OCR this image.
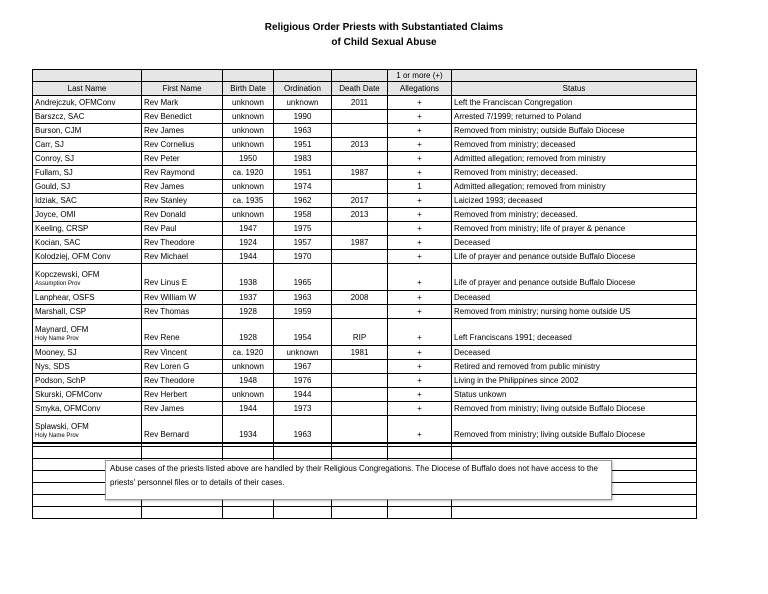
Religious Order Priests with Substantiated Claims
of Child Sexual Abuse
					1 or more (+)	
Last Name	First Name	Birth Date	Ordination	Death Date	Allegations	Status
Andrejczuk, OFMConv	Rev Mark	unknown	unknown	2011	+	Left the Franciscan Congregation
Barszcz, SAC	Rev Benedict	unknown	1990		+	Arrested 7/1999; returned to Poland
Burson, CJM	Rev James	unknown	1963		+	Removed from ministry; outside Buffalo Diocese
Carr, SJ	Rev Cornelius	unknown	1951	2013	+	Removed from ministry; deceased
Conroy, SJ	Rev Peter	1950	1983		+	Admitted allegation; removed from ministry
Fullam, SJ	Rev Raymond	ca. 1920	1951	1987	+	Removed from ministry; deceased.
Gould, SJ	Rev James	unknown	1974		1	Admitted allegation; removed from ministry
Idziak, SAC	Rev Stanley	ca. 1935	1962	2017	+	Laicized 1993; deceased
Joyce, OMI	Rev Donald	unknown	1958	2013	+	Removed from ministry; deceased.
Keeling, CRSP	Rev Paul	1947	1975		+	Removed from ministry; life of prayer & penance
Kocian, SAC	Rev Theodore	1924	1957	1987	+	Deceased
Kolodziej, OFM Conv	Rev Michael	1944	1970		+	Life of prayer and penance outside Buffalo Diocese
Kopczewski, OFM
Assumption Prov	Rev Linus E	1938	1965		+	Life of prayer and penance outside Buffalo Diocese
Lanphear, OSFS	Rev William W	1937	1963	2008	+	Deceased
Marshall, CSP	Rev Thomas	1928	1959		+	Removed from ministry; nursing home outside US
Maynard, OFM
Holy Name Prov	Rev Rene	1928	1954	RIP	+	Left Franciscans 1991; deceased
Mooney, SJ	Rev Vincent	ca. 1920	unknown	1981	+	Deceased
Nys, SDS	Rev Loren G	unknown	1967		+	Retired and removed from public ministry
Podson, SchP	Rev Theodore	1948	1976		+	Living in the Philippines since 2002
Skurski, OFMConv	Rev Herbert	unknown	1944		+	Status unkown
Smyka, OFMConv	Rev James	1944	1973		+	Removed from ministry; living outside Buffalo Diocese
Splawski, OFM
Holy Name Prov	Rev Bernard	1934	1963		+	Removed from ministry; living outside Buffalo Diocese

Abuse cases of the priests listed above are handled by their Religious Congregations. The Diocese of Buffalo does not have access to the priests' personnel files or to details of their cases.
